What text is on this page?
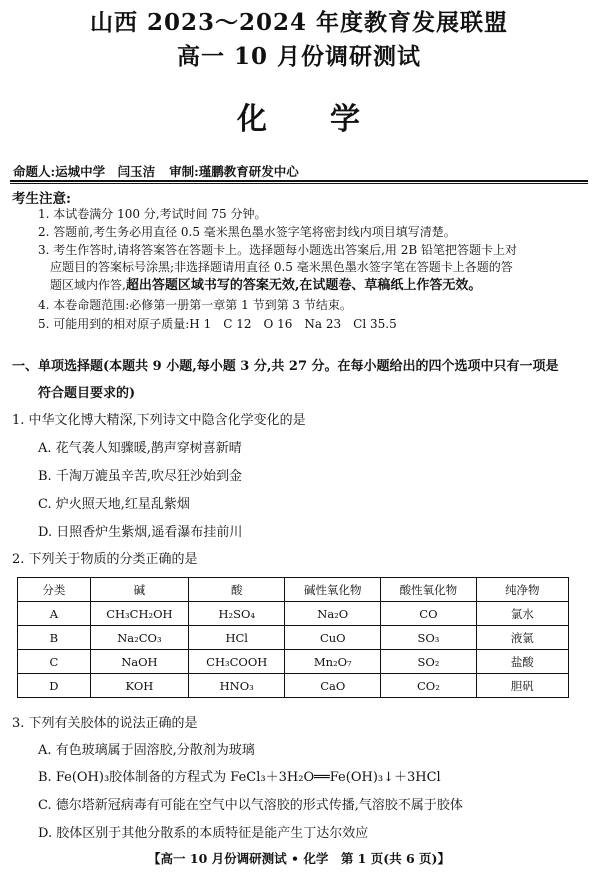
山西 2023～2024 年度教育发展联盟
高一 10 月份调研测试
化 学
命题人:运城中学　闫玉洁 审制:瑾鹏教育研发中心
考生注意:
1. 本试卷满分 100 分,考试时间 75 分钟。
2. 答题前,考生务必用直径 0.5 毫米黑色墨水签字笔将密封线内项目填写清楚。
3. 考生作答时,请将答案答在答题卡上。选择题每小题选出答案后,用 2B 铅笔把答题卡上对
应题目的答案标号涂黑;非选择题请用直径 0.5 毫米黑色墨水签字笔在答题卡上各题的答
题区域内作答,超出答题区域书写的答案无效,在试题卷、草稿纸上作答无效。
4. 本卷命题范围:必修第一册第一章第 1 节到第 3 节结束。
5. 可能用到的相对原子质量:H 1　C 12　O 16　Na 23　Cl 35.5
一、单项选择题(本题共 9 小题,每小题 3 分,共 27 分。在每小题给出的四个选项中只有一项是
符合题目要求的)
1. 中华文化博大精深,下列诗文中隐含化学变化的是
A. 花气袭人知骤暖,鹊声穿树喜新晴
B. 千淘万漉虽辛苦,吹尽狂沙始到金
C. 炉火照天地,红星乱紫烟
D. 日照香炉生紫烟,遥看瀑布挂前川
2. 下列关于物质的分类正确的是
分类	碱	酸	碱性氧化物	酸性氧化物	纯净物
A	CH₃CH₂OH	H₂SO₄	Na₂O	CO	氯水
B	Na₂CO₃	HCl	CuO	SO₃	液氯
C	NaOH	CH₃COOH	Mn₂O₇	SO₂	盐酸
D	KOH	HNO₃	CaO	CO₂	胆矾
3. 下列有关胶体的说法正确的是
A. 有色玻璃属于固溶胶,分散剂为玻璃
B. Fe(OH)₃胶体制备的方程式为 FeCl₃＋3H₂O══Fe(OH)₃↓＋3HCl
C. 德尔塔新冠病毒有可能在空气中以气溶胶的形式传播,气溶胶不属于胶体
D. 胶体区别于其他分散系的本质特征是能产生丁达尔效应
【高一 10 月份调研测试 • 化学　第 1 页(共 6 页)】
